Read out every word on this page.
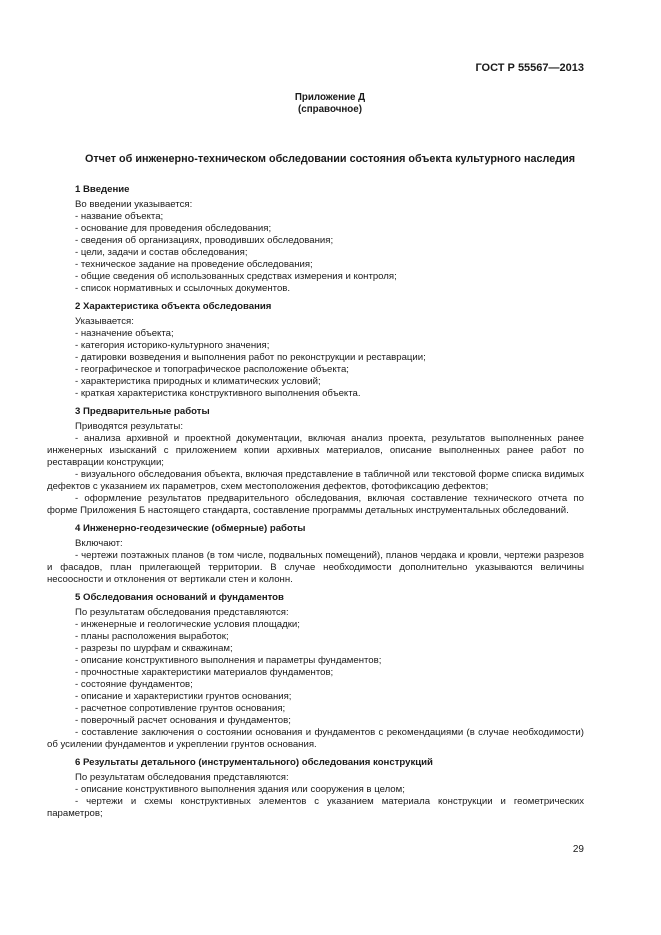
ГОСТ Р 55567—2013
Приложение Д
(справочное)
Отчет об инженерно-техническом обследовании состояния объекта культурного наследия
1 Введение
Во введении указывается:
- название объекта;
- основание для проведения обследования;
- сведения об организациях, проводивших обследования;
- цели, задачи и состав обследования;
- техническое задание на проведение обследования;
- общие сведения об использованных средствах измерения и контроля;
- список нормативных и ссылочных документов.
2 Характеристика объекта обследования
Указывается:
- назначение объекта;
- категория историко-культурного значения;
- датировки возведения и выполнения работ по реконструкции и реставрации;
- географическое и топографическое расположение объекта;
- характеристика природных и климатических условий;
- краткая характеристика конструктивного выполнения объекта.
3 Предварительные работы
Приводятся результаты:
- анализа архивной и проектной документации, включая анализ проекта, результатов выполненных ранее инженерных изысканий с приложением копии архивных материалов, описание выполненных ранее работ по реставрации конструкции;
- визуального обследования объекта, включая представление в табличной или текстовой форме списка видимых дефектов с указанием их параметров, схем местоположения дефектов, фотофиксацию дефектов;
- оформление результатов предварительного обследования, включая составление технического отчета по форме Приложения Б настоящего стандарта, составление программы детальных инструментальных обследований.
4 Инженерно-геодезические (обмерные) работы
Включают:
- чертежи поэтажных планов (в том числе, подвальных помещений), планов чердака и кровли, чертежи разрезов и фасадов, план прилегающей территории. В случае необходимости дополнительно указываются величины несоосности и отклонения от вертикали стен и колонн.
5 Обследования оснований и фундаментов
По результатам обследования представляются:
- инженерные и геологические условия площадки;
- планы расположения выработок;
- разрезы по шурфам и скважинам;
- описание конструктивного выполнения и параметры фундаментов;
- прочностные характеристики материалов фундаментов;
- состояние фундаментов;
- описание и характеристики грунтов основания;
- расчетное сопротивление грунтов основания;
- поверочный расчет основания и фундаментов;
- составление заключения о состоянии основания и фундаментов с рекомендациями (в случае необходимости) об усилении фундаментов и укреплении грунтов основания.
6 Результаты детального (инструментального) обследования конструкций
По результатам обследования представляются:
- описание конструктивного выполнения здания или сооружения в целом;
- чертежи и схемы конструктивных элементов с указанием материала конструкции и геометрических параметров;
29
